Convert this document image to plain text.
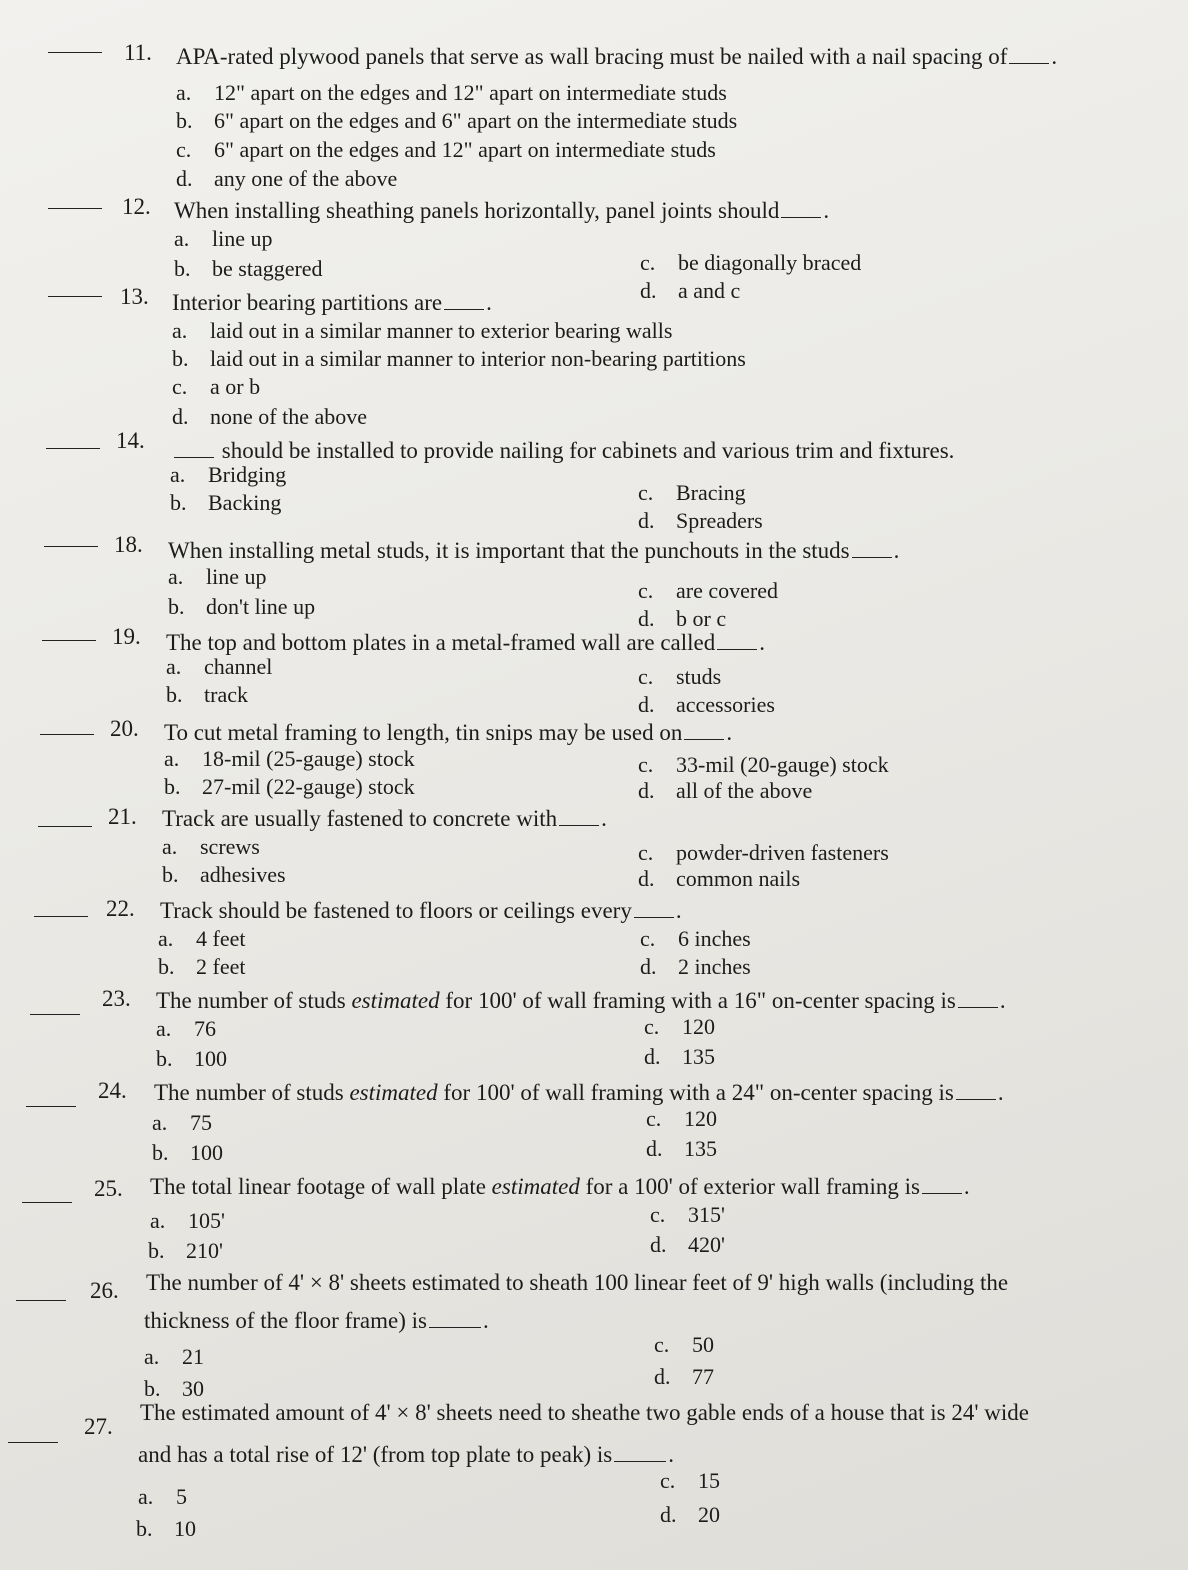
11. APA-rated plywood panels that serve as wall bracing must be nailed with a nail spacing of .
a. 12" apart on the edges and 12" apart on intermediate studs
b. 6" apart on the edges and 6" apart on the intermediate studs
c. 6" apart on the edges and 12" apart on intermediate studs
d. any one of the above
12. When installing sheathing panels horizontally, panel joints should .
a. line up
b. be staggered	c. be diagonally braced
d. a and c
13. Interior bearing partitions are .
a. laid out in a similar manner to exterior bearing walls
b. laid out in a similar manner to interior non-bearing partitions
c. a or b
d. none of the above
14.	should be installed to provide nailing for cabinets and various trim and fixtures.
a. Bridging
b. Backing	c. Bracing
d. Spreaders
18. When installing metal studs, it is important that the punchouts in the studs .
a. line up
b. don't line up
c. are covered
d. b or c
19. The top and bottom plates in a metal-framed wall are called .
a. channel
b. track
c. studs
d. accessories
20. To cut metal framing to length, tin snips may be used on .
a. 18-mil (25-gauge) stock
b. 27-mil (22-gauge) stock
c. 33-mil (20-gauge) stock
d. all of the above
21. Track are usually fastened to concrete with .
a. screws
b. adhesives
c. powder-driven fasteners
d. common nails
22. Track should be fastened to floors or ceilings every .
a. 4 feet
b. 2 feet
c. 6 inches
d. 2 inches
23. The number of studs estimated for 100' of wall framing with a 16" on-center spacing is .
a. 76
b. 100
c. 120
d. 135
24. The number of studs estimated for 100' of wall framing with a 24" on-center spacing is .
a. 75
b. 100
c. 120
d. 135
25. The total linear footage of wall plate estimated for a 100' of exterior wall framing is .
a. 105'
b. 210'
c. 315'
d. 420'
26. The number of 4' × 8' sheets estimated to sheath 100 linear feet of 9' high walls (including the
thickness of the floor frame) is .
a. 21
b. 30
c. 50
d. 77
27.
The estimated amount of 4' × 8' sheets need to sheathe two gable ends of a house that is 24' wide
and has a total rise of 12' (from top plate to peak) is .
a. 5
b. 10
c. 15
d. 20
